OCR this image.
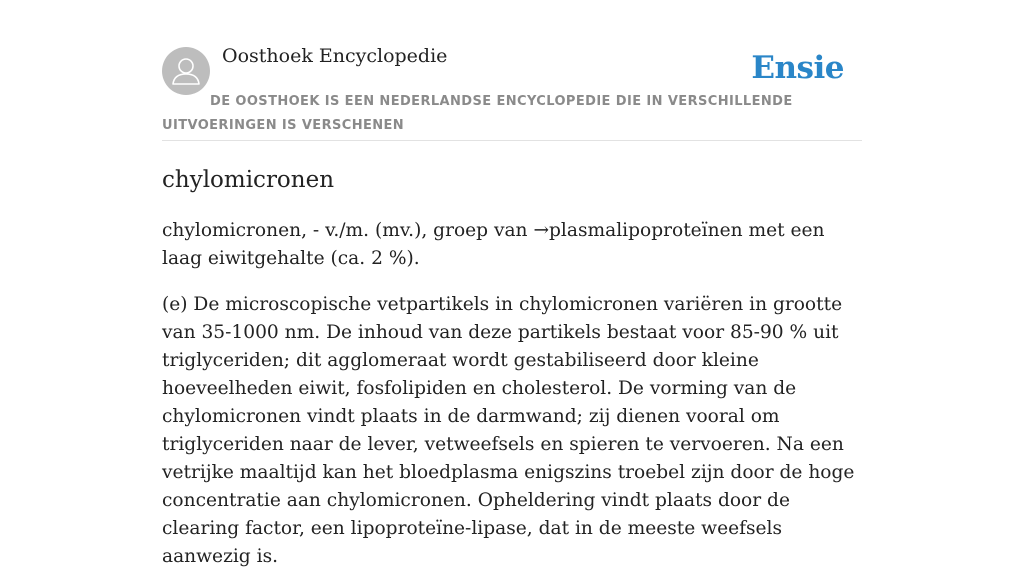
Oosthoek Encyclopedie	Ensie
DE OOSTHOEK IS EEN NEDERLANDSE ENCYCLOPEDIE DIE IN VERSCHILLENDE UITVOERINGEN IS VERSCHENEN
chylomicronen

chylomicronen, - v./m. (mv.), groep van →plasmalipoproteïnen met een laag eiwitgehalte (ca. 2 %).

(e) De microscopische vetpartikels in chylomicronen variëren in grootte van 35-1000 nm. De inhoud van deze partikels bestaat voor 85-90 % uit triglyceriden; dit agglomeraat wordt gestabiliseerd door kleine hoeveelheden eiwit, fosfolipiden en cholesterol. De vorming van de chylomicronen vindt plaats in de darmwand; zij dienen vooral om triglyceriden naar de lever, vetweefsels en spieren te vervoeren. Na een vetrijke maaltijd kan het bloedplasma enigszins troebel zijn door de hoge concentratie aan chylomicronen. Opheldering vindt plaats door de clearing factor, een lipoproteïne-lipase, dat in de meeste weefsels aanwezig is.
